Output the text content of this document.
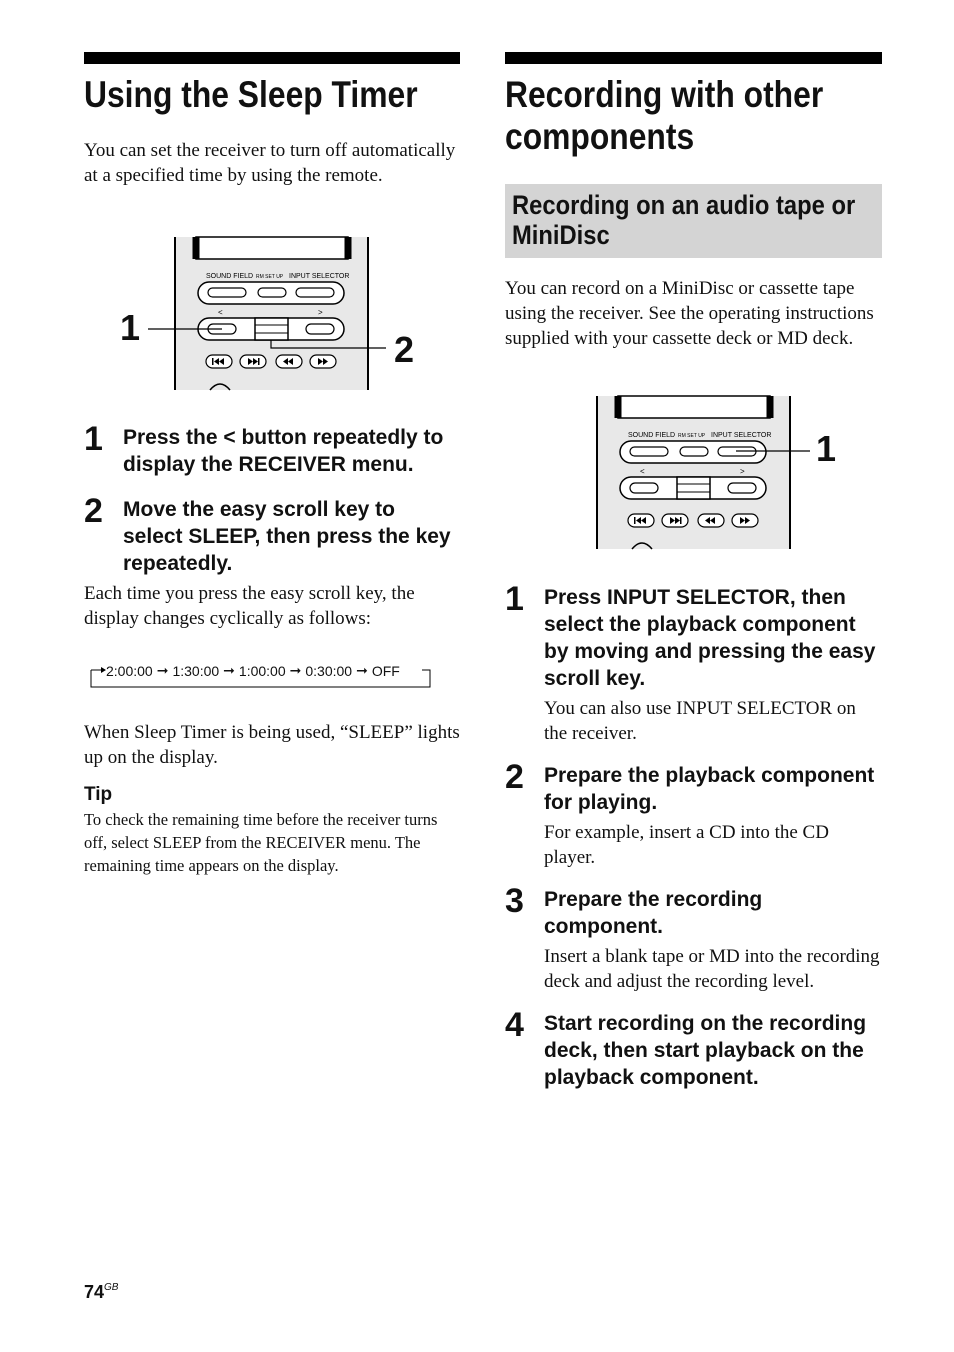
Using the Sleep Timer

You can set the receiver to turn off automatically at a specified time by using the remote.

SOUND FIELD RM SET UP INPUT SELECTOR
<	>
1
2
1 Press the < button repeatedly to display the RECEIVER menu.

2 Move the easy scroll key to select SLEEP, then press the key repeatedly.

Each time you press the easy scroll key, the display changes cyclically as follows:

2:00:00 ➞ 1:30:00 ➞ 1:00:00 ➞ 0:30:00 ➞ OFF

When Sleep Timer is being used, “SLEEP” lights up on the display.

Tip

To check the remaining time before the receiver turns off, select SLEEP from the RECEIVER menu. The remaining time appears on the display.

Recording with other components
Recording on an audio tape or MiniDisc

You can record on a MiniDisc or cassette tape using the receiver. See the operating instructions supplied with your cassette deck or MD deck.

SOUND FIELD RM SET UP INPUT SELECTOR
<	>
1
1 Press INPUT SELECTOR, then select the playback component by moving and pressing the easy scroll key.

You can also use INPUT SELECTOR on the receiver.

2 Prepare the playback component for playing.

For example, insert a CD into the CD player.

3 Prepare the recording component.

Insert a blank tape or MD into the recording deck and adjust the recording level.

4 Start recording on the recording deck, then start playback on the playback component.

$74^{GB}$
